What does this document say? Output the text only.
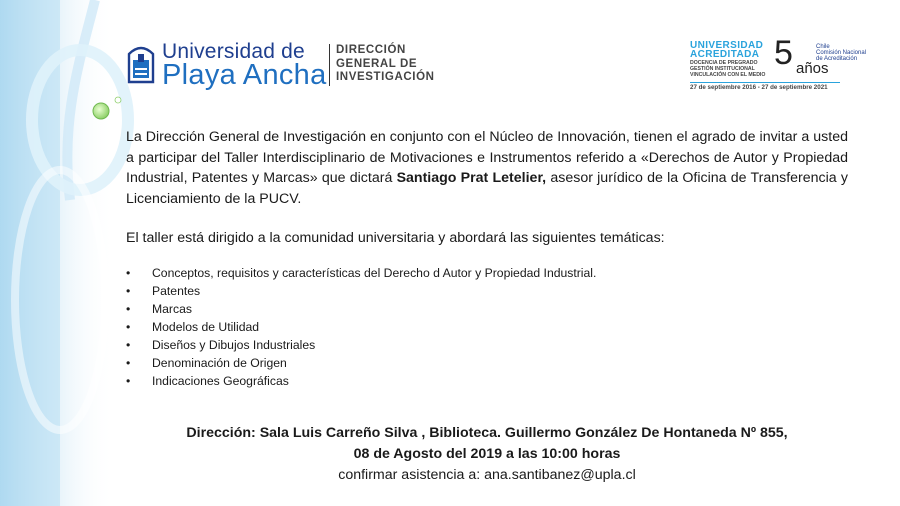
Universidad de
Playa Ancha
DIRECCIÓN
GENERAL DE
INVESTIGACIÓN
UNIVERSIDAD
ACREDITADA
DOCENCIA DE PREGRADO
GESTIÓN INSTITUCIONAL
VINCULACIÓN CON EL MEDIO
5 años
Chile
Comisión Nacional
de Acreditación
27 de septiembre 2016 - 27 de septiembre 2021

La Dirección General de Investigación en conjunto con el Núcleo de Innovación, tienen el agrado de invitar a usted a participar del Taller Interdisciplinario de Motivaciones e Instrumentos referido a «Derechos de Autor y Propiedad Industrial, Patentes y Marcas» que dictará Santiago Prat Letelier, asesor jurídico de la Oficina de Transferencia y Licenciamiento de la PUCV.

El taller está dirigido a la comunidad universitaria y abordará las siguientes temáticas:

• Conceptos, requisitos y características del Derecho d Autor y Propiedad Industrial.
• Patentes
• Marcas
• Modelos de Utilidad
• Diseños y Dibujos Industriales
• Denominación de Origen
• Indicaciones Geográficas
Dirección: Sala Luis Carreño Silva , Biblioteca. Guillermo González De Hontaneda Nº 855,
08 de Agosto del 2019 a las 10:00 horas
confirmar asistencia a: ana.santibanez@upla.cl
